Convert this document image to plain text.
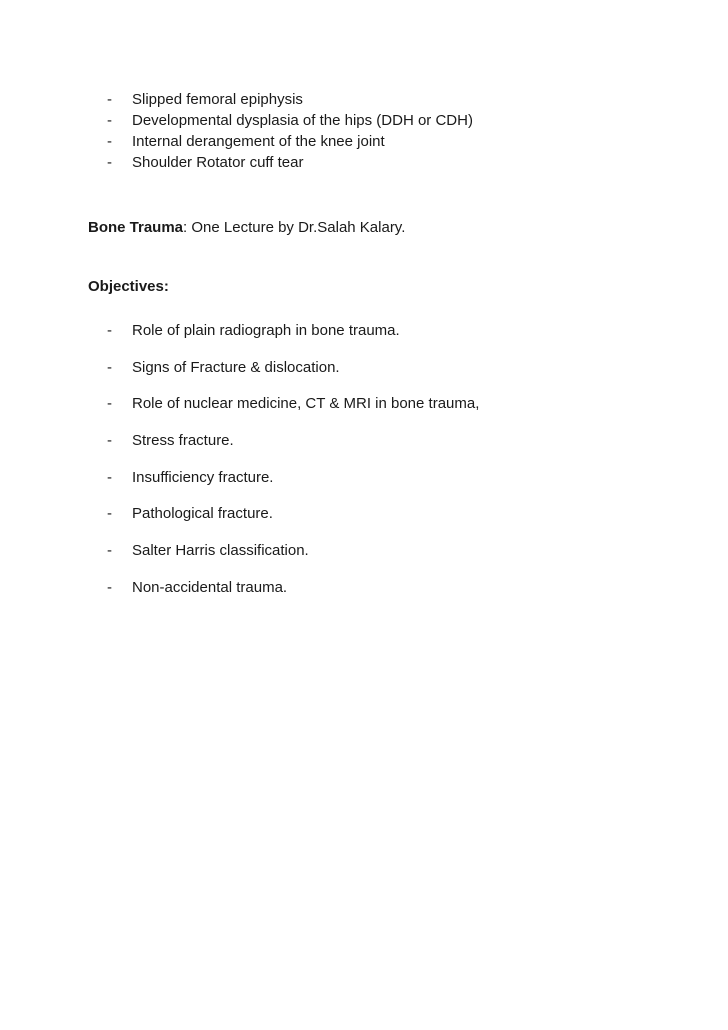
- Slipped femoral epiphysis
- Developmental dysplasia of the hips (DDH or CDH)
- Internal derangement of the knee joint
- Shoulder Rotator cuff tear
Bone Trauma: One Lecture by Dr.Salah Kalary.
Objectives:
- Role of plain radiograph in bone trauma.
- Signs of Fracture & dislocation.
- Role of nuclear medicine, CT & MRI in bone trauma,
- Stress fracture.
- Insufficiency fracture.
- Pathological fracture.
- Salter Harris classification.
- Non-accidental trauma.
